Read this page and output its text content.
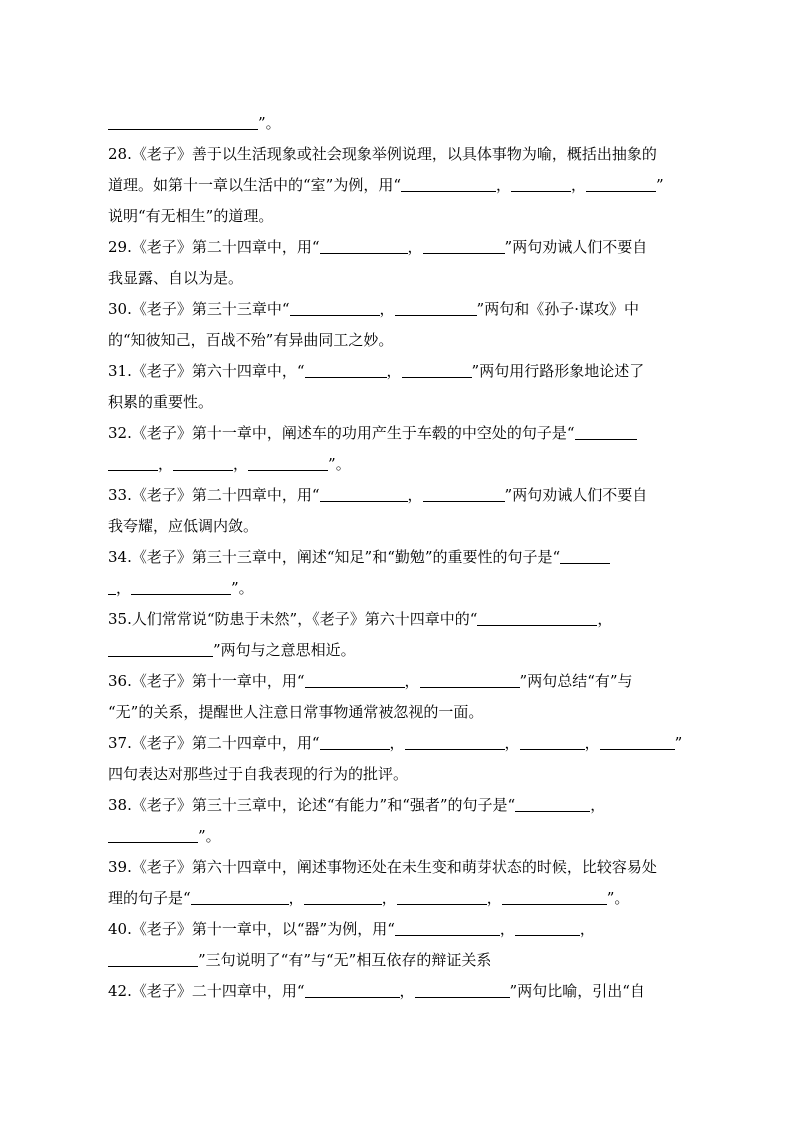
”。
28.《老子》善于以生活现象或社会现象举例说理，以具体事物为喻，概括出抽象的
道理。如第十一章以生活中的“室”为例，用“	，	，	”
说明“有无相生”的道理。
29.《老子》第二十四章中，用“	，	”两句劝诫人们不要自
我显露、自以为是。
30.《老子》第三十三章中“	，	”两句和《孙子·谋攻》中
的“知彼知己，百战不殆”有异曲同工之妙。
31.《老子》第六十四章中，“	，	”两句用行路形象地论述了
积累的重要性。
32.《老子》第十一章中，阐述车的功用产生于车毂的中空处的句子是“
，	，	”。
33.《老子》第二十四章中，用“	，	”两句劝诫人们不要自
我夸耀，应低调内敛。
34.《老子》第三十三章中，阐述“知足”和“勤勉”的重要性的句子是“
，	”。
35.人们常常说“防患于未然”，《老子》第六十四章中的“	，
”两句与之意思相近。
36.《老子》第十一章中，用“	，	”两句总结“有”与
“无”的关系，提醒世人注意日常事物通常被忽视的一面。
37.《老子》第二十四章中，用“	，	，	，	”
四句表达对那些过于自我表现的行为的批评。
38.《老子》第三十三章中，论述“有能力”和“强者”的句子是“	，
”。
39.《老子》第六十四章中，阐述事物还处在未生变和萌芽状态的时候，比较容易处
理的句子是“	，	，	，	”。
40.《老子》第十一章中，以“器”为例，用“	，	，
”三句说明了“有”与“无”相互依存的辩证关系
42.《老子》二十四章中，用“	，	”两句比喻，引出“自
